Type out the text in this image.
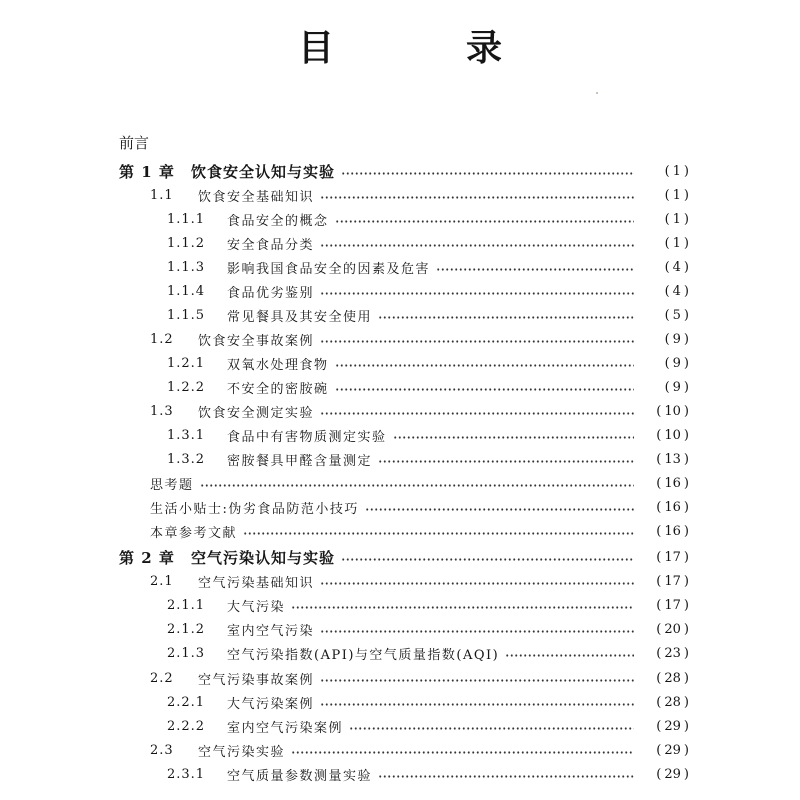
目　录
前言
第 1 章	饮食安全认知与实验	( 1 )
1.1	饮食安全基础知识	( 1 )
1.1.1	食品安全的概念	( 1 )
1.1.2	安全食品分类	( 1 )
1.1.3	影响我国食品安全的因素及危害	( 4 )
1.1.4	食品优劣鉴别	( 4 )
1.1.5	常见餐具及其安全使用	( 5 )
1.2	饮食安全事故案例	( 9 )
1.2.1	双氧水处理食物	( 9 )
1.2.2	不安全的密胺碗	( 9 )
1.3	饮食安全测定实验	( 10 )
1.3.1	食品中有害物质测定实验	( 10 )
1.3.2	密胺餐具甲醛含量测定	( 13 )
思考题	( 16 )
生活小贴士:伪劣食品防范小技巧	( 16 )
本章参考文献	( 16 )
第 2 章	空气污染认知与实验	( 17 )
2.1	空气污染基础知识	( 17 )
2.1.1	大气污染	( 17 )
2.1.2	室内空气污染	( 20 )
2.1.3	空气污染指数(API)与空气质量指数(AQI)	( 23 )
2.2	空气污染事故案例	( 28 )
2.2.1	大气污染案例	( 28 )
2.2.2	室内空气污染案例	( 29 )
2.3	空气污染实验	( 29 )
2.3.1	空气质量参数测量实验	( 29 )
